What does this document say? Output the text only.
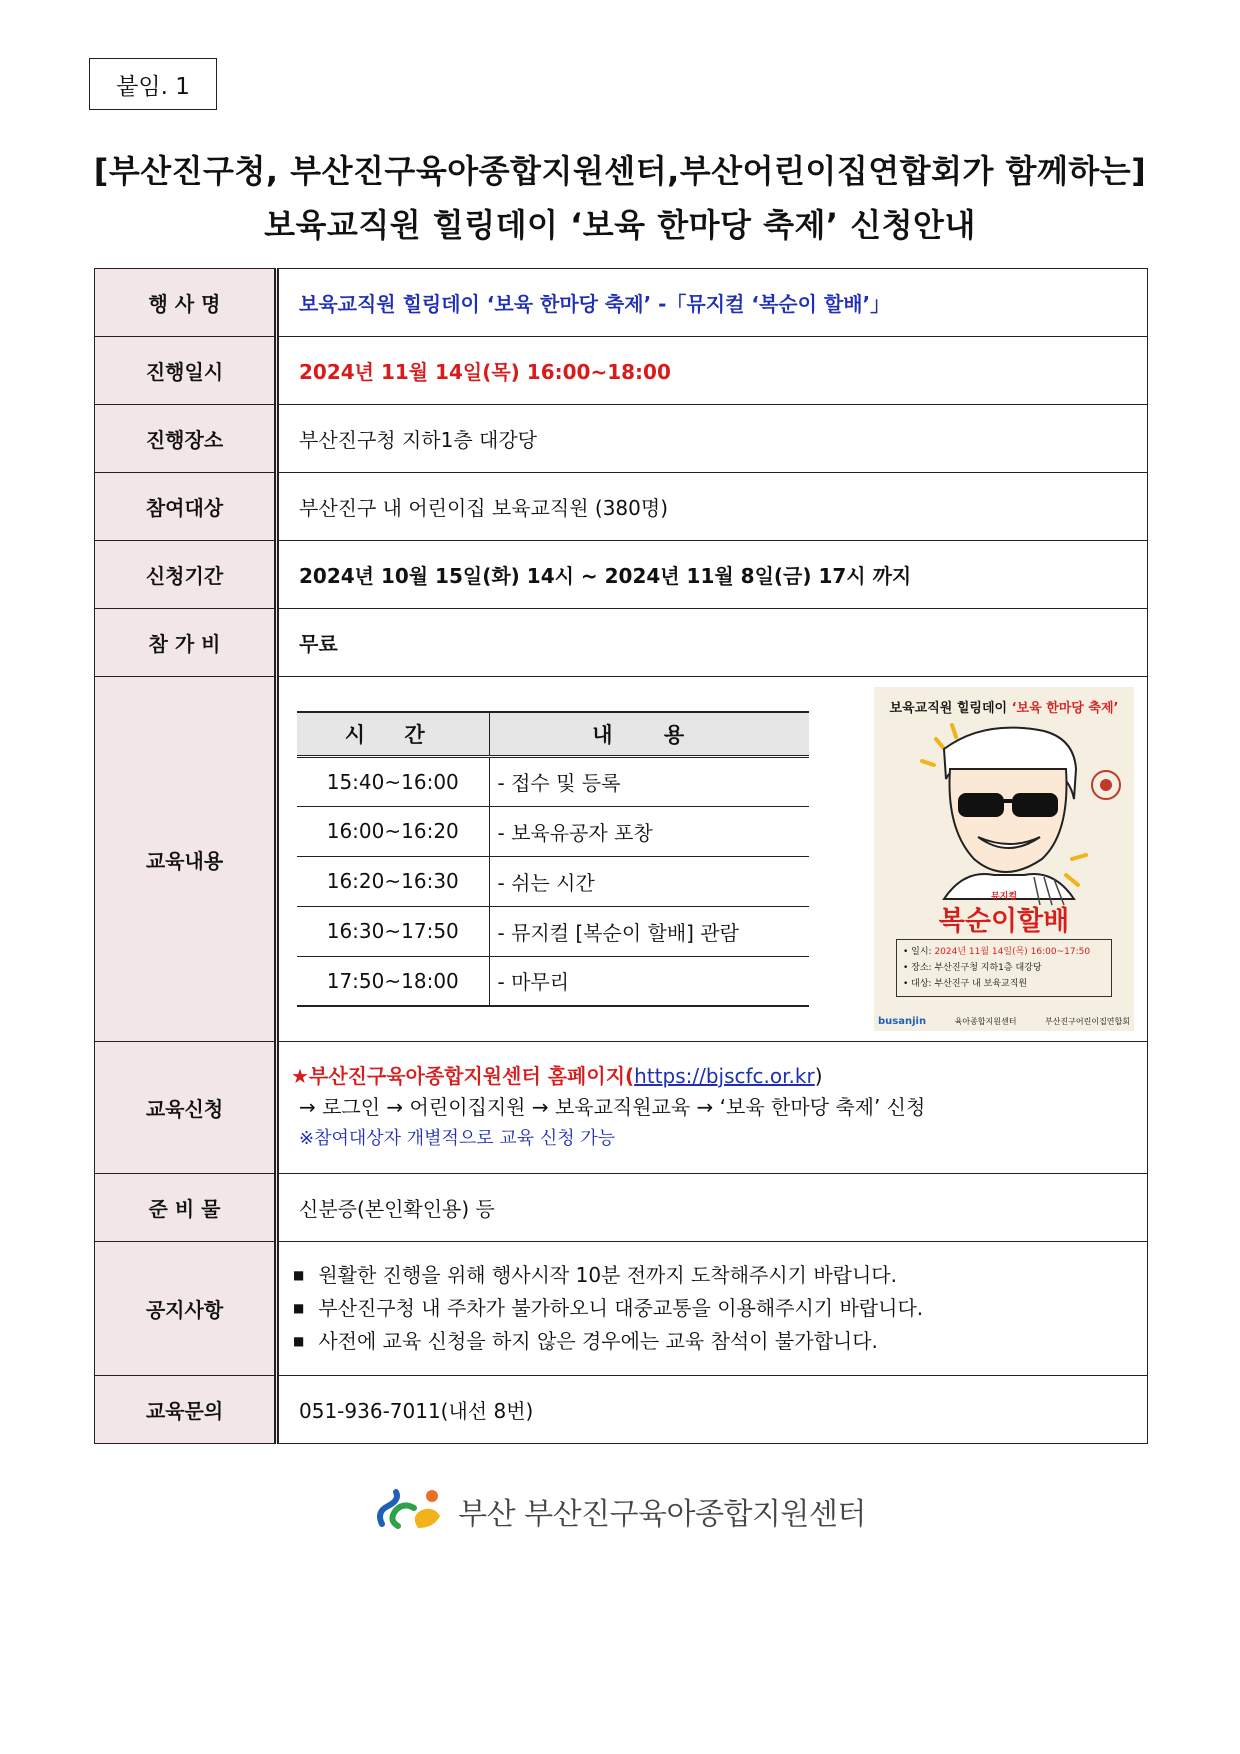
붙임. 1
[부산진구청, 부산진구육아종합지원센터,부산어린이집연합회가 함께하는]
보육교직원 힐링데이 ‘보육 한마당 축제’ 신청안내
행 사 명	보육교직원 힐링데이 ‘보육 한마당 축제’ -「뮤지컬 ‘복순이 할배’」
진행일시	2024년 11월 14일(목) 16:00~18:00
진행장소	부산진구청 지하1층 대강당
참여대상	부산진구 내 어린이집 보육교직원 (380명)
신청기간	2024년 10월 15일(화) 14시 ~ 2024년 11월 8일(금) 17시 까지
참 가 비	무료
교육내용	
시 간	내 용
15:40~16:00	- 접수 및 등록
16:00~16:20	- 보육유공자 포창
16:20~16:30	- 쉬는 시간
16:30~17:50	- 뮤지컬 [복순이 할배] 관람
17:50~18:00	- 마무리
보육교직원 힐링데이 ‘보육 한마당 축제’
뮤지컬
복순이할배
• 일시: 2024년 11월 14일(목) 16:00~17:50
• 장소: 부산진구청 지하1층 대강당
• 대상: 부산진구 내 보육교직원
busanjin	육아종합지원센터	부산진구어린이집연합회

교육신청	
★부산진구육아종합지원센터 홈페이지(https://bjscfc.or.kr)
→ 로그인 → 어린이집지원 → 보육교직원교육 → ‘보육 한마당 축제’ 신청
※참여대상자 개별적으로 교육 신청 가능

준 비 물	신분증(본인확인용) 등
공지사항	
■ 원활한 진행을 위해 행사시작 10분 전까지 도착해주시기 바랍니다.
■ 부산진구청 내 주차가 불가하오니 대중교통을 이용해주시기 바랍니다.
■ 사전에 교육 신청을 하지 않은 경우에는 교육 참석이 불가합니다.

교육문의	051-936-7011(내선 8번)
부산 부산진구육아종합지원센터
